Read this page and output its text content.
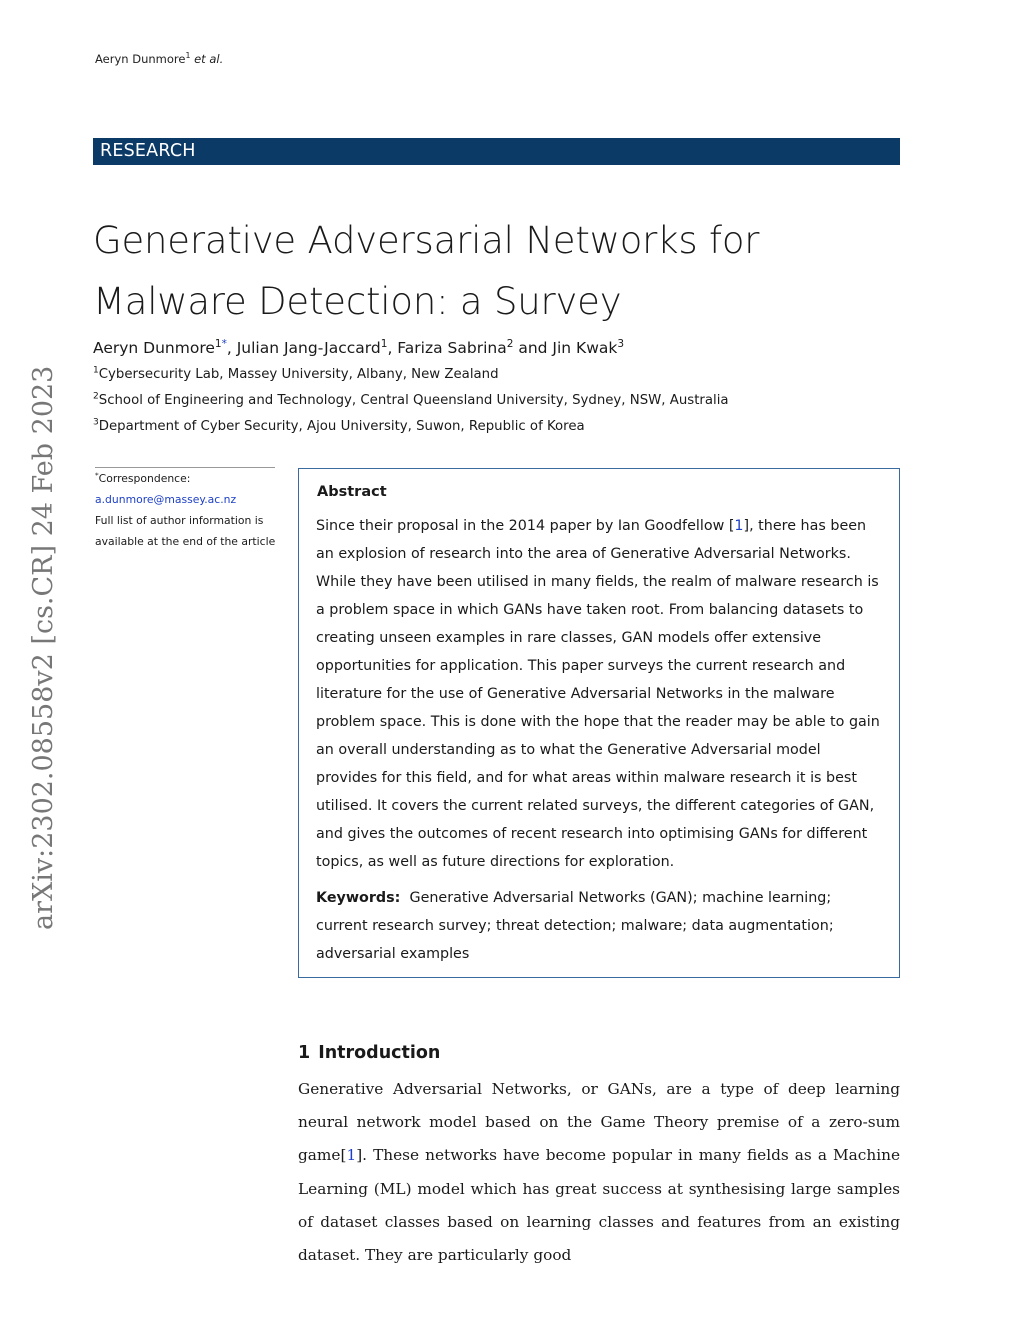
Aeryn Dunmore$^1$ et al.
RESEARCH
Generative Adversarial Networks for Malware Detection: a Survey
Aeryn Dunmore$^{1*}$, Julian Jang-Jaccard$^1$, Fariza Sabrina$^2$ and Jin Kwak$^3$
$^1$Cybersecurity Lab, Massey University, Albany, New Zealand
$^2$School of Engineering and Technology, Central Queensland University, Sydney, NSW, Australia
$^3$Department of Cyber Security, Ajou University, Suwon, Republic of Korea
arXiv:2302.08558v2 [cs.CR] 24 Feb 2023	*Correspondence:
a.dunmore@massey.ac.nz
Full list of author information is
available at the end of the article
Abstract
Since their proposal in the 2014 paper by Ian Goodfellow [1], there has been an explosion of research into the area of Generative Adversarial Networks. While they have been utilised in many fields, the realm of malware research is a problem space in which GANs have taken root. From balancing datasets to creating unseen examples in rare classes, GAN models offer extensive opportunities for application. This paper surveys the current research and literature for the use of Generative Adversarial Networks in the malware problem space. This is done with the hope that the reader may be able to gain an overall understanding as to what the Generative Adversarial model provides for this field, and for what areas within malware research it is best utilised. It covers the current related surveys, the different categories of GAN, and gives the outcomes of recent research into optimising GANs for different topics, as well as future directions for exploration.
Keywords: Generative Adversarial Networks (GAN); machine learning; current research survey; threat detection; malware; data augmentation; adversarial examples
1 Introduction
Generative Adversarial Networks, or GANs, are a type of deep learning neural network model based on the Game Theory premise of a zero-sum game[1]. These networks have become popular in many fields as a Machine Learning (ML) model which has great success at synthesising large samples of dataset classes based on learning classes and features from an existing dataset. They are particularly good
